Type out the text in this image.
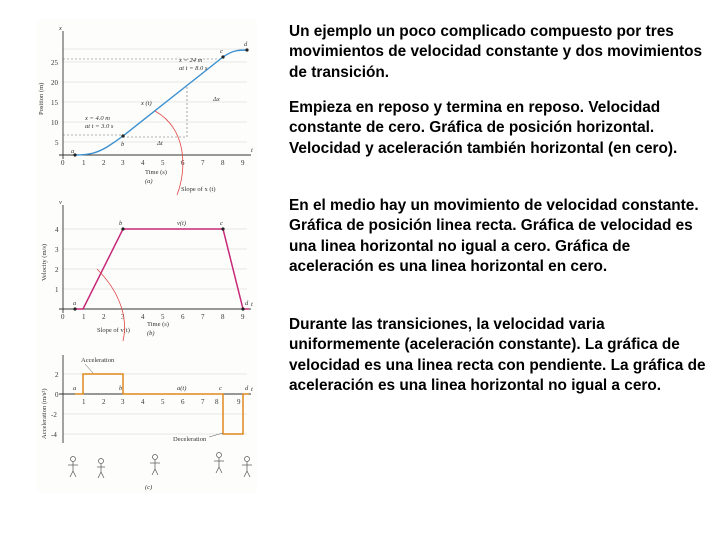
a
b
c
d
5
10
15
20
25
0	1 2 3 4 5 6 7 8 9
x
t
Position (m)
Time (s)
(a)
x = 24 m
at t = 8.0 s
x = 4.0 m
at t = 3.0 s
x (t)
Δx
Δt
Slope of x (t)
a
b	c
d
1
2
3
4
0	1 2 3 4 5 6 7 8 9
v
t
Velocity (m/s)
Time (s)
(b)
v(t)
Slope of v(t)
a	b	c	d
2
0
-2
-4
1 2 3 4 5 6 7 8	9
t
Acceleration (m/s²)	a(t)
Acceleration
Deceleration
(c)

Un ejemplo un poco complicado compuesto por tres movimientos de velocidad constante y dos movimientos de transición.

Empieza en reposo y termina en reposo. Velocidad constante de cero. Gráfica de posición horizontal. Velocidad y aceleración también horizontal (en cero).

En el medio hay un movimiento de velocidad constante. Gráfica de posición linea recta. Gráfica de velocidad es una linea horizontal no igual a cero. Gráfica de aceleración es una linea horizontal en cero.

Durante las transiciones, la velocidad varia uniformemente (aceleración constante). La gráfica de velocidad es una linea recta con pendiente. La gráfica de aceleración es una linea horizontal no igual a cero.
